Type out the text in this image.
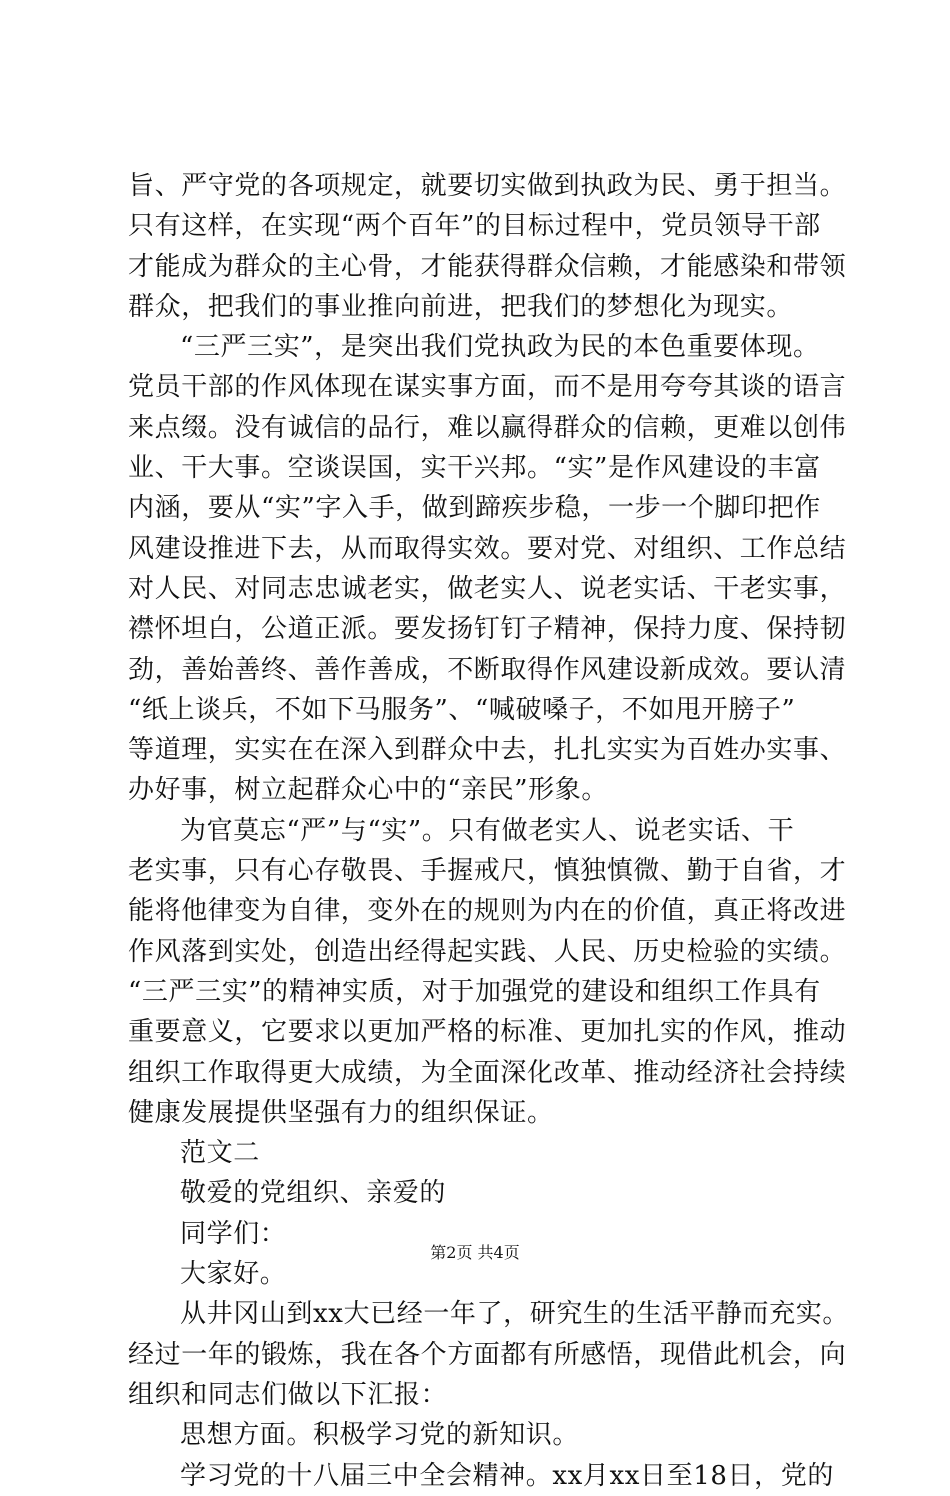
旨、严守党的各项规定，就要切实做到执政为民、勇于担当。
只有这样，在实现“两个百年”的目标过程中，党员领导干部
才能成为群众的主心骨，才能获得群众信赖，才能感染和带领
群众，把我们的事业推向前进，把我们的梦想化为现实。
“三严三实”，是突出我们党执政为民的本色重要体现。
党员干部的作风体现在谋实事方面，而不是用夸夸其谈的语言
来点缀。没有诚信的品行，难以赢得群众的信赖，更难以创伟
业、干大事。空谈误国，实干兴邦。“实”是作风建设的丰富
内涵，要从“实”字入手，做到蹄疾步稳，一步一个脚印把作
风建设推进下去，从而取得实效。要对党、对组织、工作总结
对人民、对同志忠诚老实，做老实人、说老实话、干老实事，
襟怀坦白，公道正派。要发扬钉钉子精神，保持力度、保持韧
劲，善始善终、善作善成，不断取得作风建设新成效。要认清
“纸上谈兵，不如下马服务”、“喊破嗓子，不如甩开膀子”
等道理，实实在在深入到群众中去，扎扎实实为百姓办实事、
办好事，树立起群众心中的“亲民”形象。
为官莫忘“严”与“实”。只有做老实人、说老实话、干
老实事，只有心存敬畏、手握戒尺，慎独慎微、勤于自省，才
能将他律变为自律，变外在的规则为内在的价值，真正将改进
作风落到实处，创造出经得起实践、人民、历史检验的实绩。
“三严三实”的精神实质，对于加强党的建设和组织工作具有
重要意义，它要求以更加严格的标准、更加扎实的作风，推动
组织工作取得更大成绩，为全面深化改革、推动经济社会持续
健康发展提供坚强有力的组织保证。
范文二
敬爱的党组织、亲爱的
同学们：
大家好。
从井冈山到xx大已经一年了，研究生的生活平静而充实。
经过一年的锻炼，我在各个方面都有所感悟，现借此机会，向
组织和同志们做以下汇报：
思想方面。积极学习党的新知识。
学习党的十八届三中全会精神。xx月xx日至18日，党的
第2页 共4页
